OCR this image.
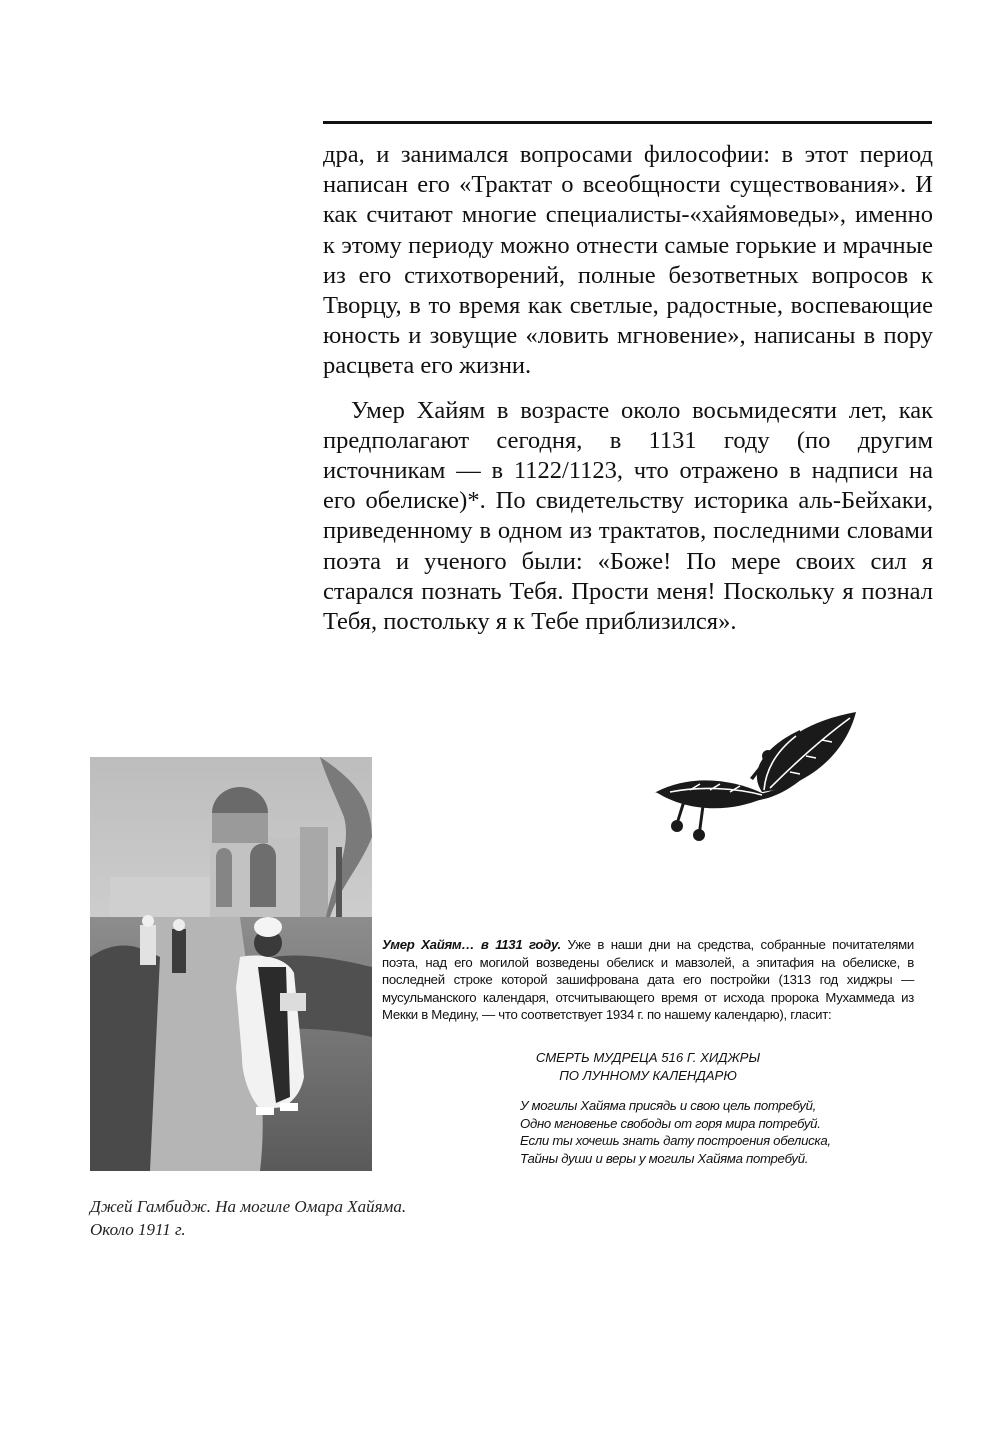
дра, и занимался вопросами философии: в этот период написан его «Трактат о всеобщности существования». И как считают многие специалисты-«хайямоведы», именно к этому периоду можно отнести самые горькие и мрачные из его стихотворений, полные безответных вопросов к Творцу, в то время как светлые, радостные, воспевающие юность и зовущие «ловить мгновение», написаны в пору расцвета его жизни.

Умер Хайям в возрасте около восьмидесяти лет, как предполагают сегодня, в 1131 году (по другим источникам — в 1122/1123, что отражено в надписи на его обелиске)*. По свидетельству историка аль-Бейхаки, приведенному в одном из трактатов, последними словами поэта и ученого были: «Боже! По мере своих сил я старался познать Тебя. Прости меня! Поскольку я познал Тебя, постольку я к Тебе приблизился».

Джей Гамбидж. На могиле Омара Хайяма.
Около 1911 г.
Умер Хайям… в 1131 году. Уже в наши дни на средства, собранные почитателями поэта, над его могилой возведены обелиск и мавзолей, а эпитафия на обелиске, в последней строке которой зашифрована дата его постройки (1313 год хиджры — мусульманского календаря, отсчитывающего время от исхода пророка Мухаммеда из Мекки в Медину, — что соответствует 1934 г. по нашему календарю), гласит:
СМЕРТЬ МУДРЕЦА 516 Г. ХИДЖРЫ
ПО ЛУННОМУ КАЛЕНДАРЮ
У могилы Хайяма присядь и свою цель потребуй,
Одно мгновенье свободы от горя мира потребуй.
Если ты хочешь знать дату построения обелиска,
Тайны души и веры у могилы Хайяма потребуй.
